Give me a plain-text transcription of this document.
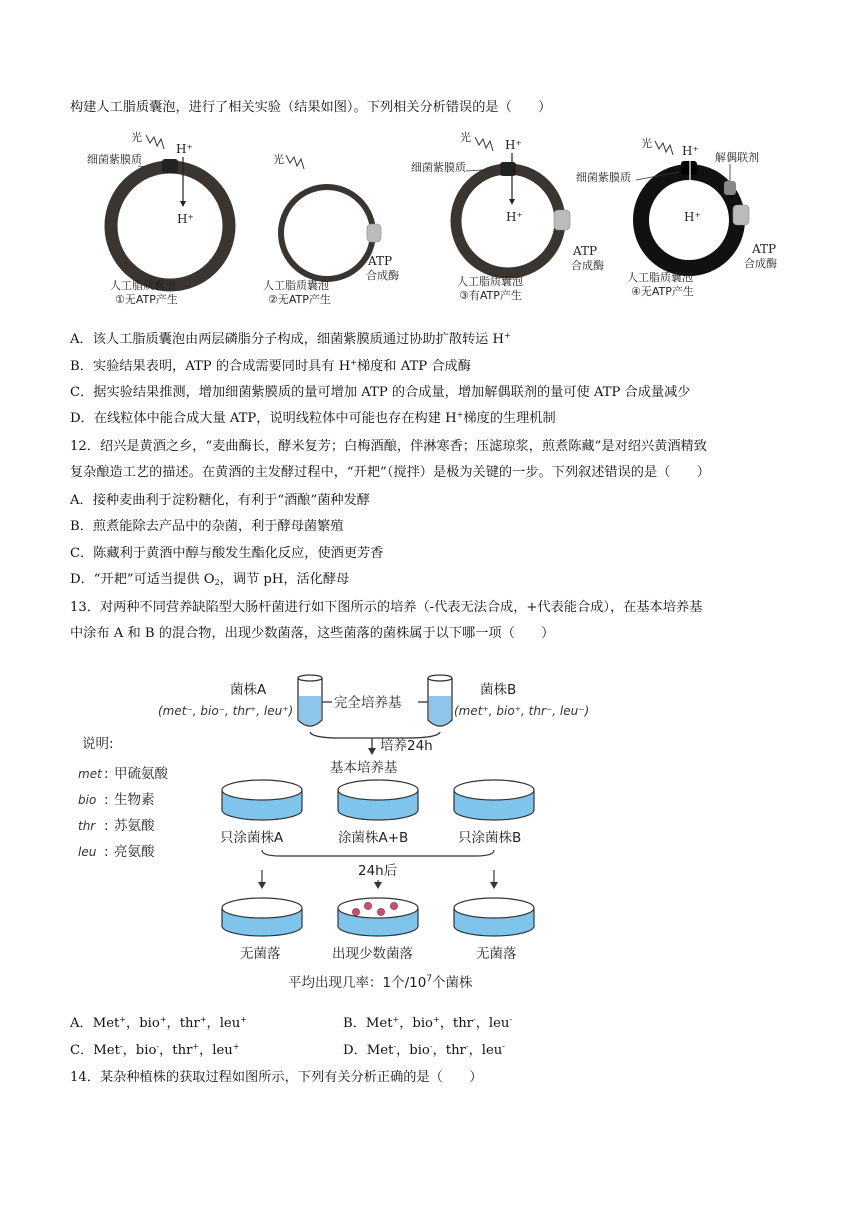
构建人工脂质囊泡，进行了相关实验（结果如图）。下列相关分析错误的是（　　）
光
H⁺
H⁺
细菌紫膜质
人工脂质囊泡
①无ATP产生
光
ATP
合成酶
人工脂质囊泡
②无ATP产生
光
H⁺
H⁺
细菌紫膜质
ATP
合成酶
人工脂质囊泡
③有ATP产生
光
H⁺
H⁺
解偶联剂
细菌紫膜质
ATP
合成酶
人工脂质囊泡
④无ATP产生
A．该人工脂质囊泡由两层磷脂分子构成，细菌紫膜质通过协助扩散转运 H+
B．实验结果表明，ATP 的合成需要同时具有 H+梯度和 ATP 合成酶
C．据实验结果推测，增加细菌紫膜质的量可增加 ATP 的合成量，增加解偶联剂的量可使 ATP 合成量减少
D．在线粒体中能合成大量 ATP，说明线粒体中可能也存在构建 H+梯度的生理机制
12．绍兴是黄酒之乡，“麦曲酶长，酵米复芳；白梅酒酿，伴淋寒香；压滤琼浆，煎煮陈藏”是对绍兴黄酒精致
复杂酿造工艺的描述。在黄酒的主发酵过程中，“开耙”（搅拌）是极为关键的一步。下列叙述错误的是（　　）
A．接种麦曲利于淀粉糖化，有利于“酒酿”菌种发酵
B．煎煮能除去产品中的杂菌，利于酵母菌繁殖
C．陈藏利于黄酒中醇与酸发生酯化反应，使酒更芳香
D．“开耙”可适当提供 $O_2$，调节 pH，活化酵母
13．对两种不同营养缺陷型大肠杆菌进行如下图所示的培养（-代表无法合成，+代表能合成），在基本培养基
中涂布 A 和 B 的混合物，出现少数菌落，这些菌落的菌株属于以下哪一项（　　）
菌株A
(met⁻, bio⁻, thr⁺, leu⁺)
菌株B
(met⁺, bio⁺, thr⁻, leu⁻)
完全培养基
培养24h
基本培养基
说明:
met : 甲硫氨酸
bio : 生物素
thr : 苏氨酸
leu : 亮氨酸
只涂菌株A	涂菌株A+B	只涂菌株B
24h后
无菌落	出现少数菌落	无菌落
平均出现几率：1个$/10^7$个菌株
A．Met+，bio+，thr+，leu+	B．Met+，bio+，thr-，leu-
C．Met-，bio-，thr+，leu+	D．Met-，bio-，thr-，leu-
14．某杂种植株的获取过程如图所示，下列有关分析正确的是（　　）
